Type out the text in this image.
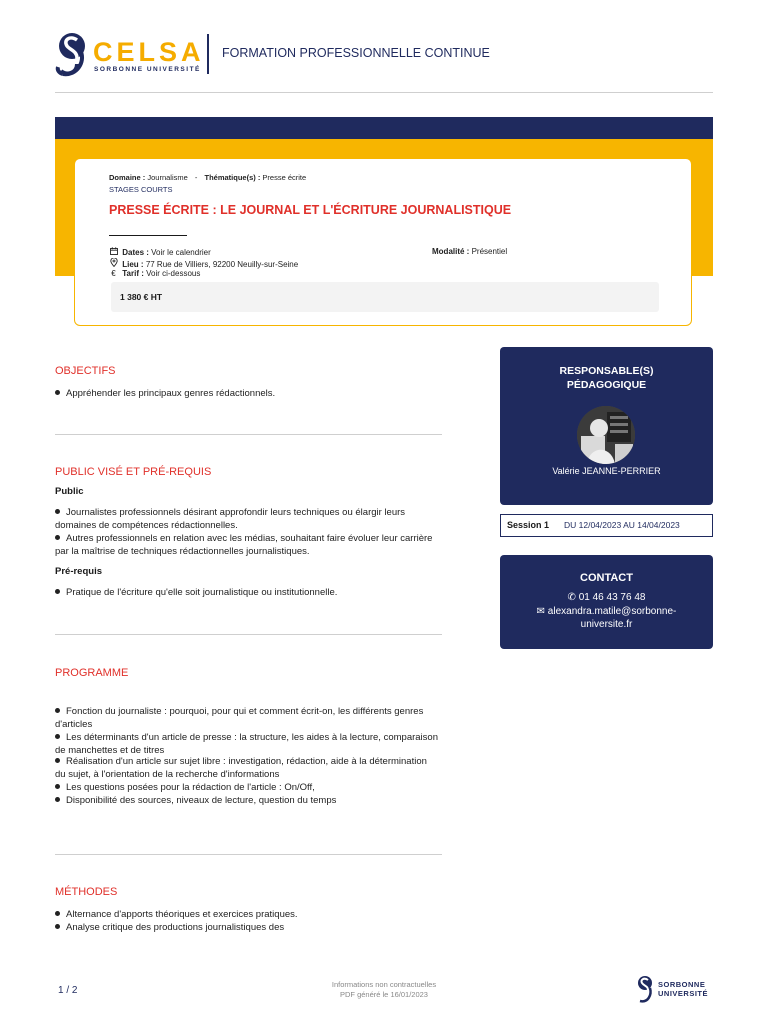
CELSA
SORBONNE UNIVERSITÉ
FORMATION PROFESSIONNELLE CONTINUE
Domaine : Journalisme - Thématique(s) : Presse écrite
STAGES COURTS
PRESSE ÉCRITE : LE JOURNAL ET L'ÉCRITURE JOURNALISTIQUE
Dates : Voir le calendrier
Lieu : 77 Rue de Villiers, 92200 Neuilly-sur-Seine
€ Tarif : Voir ci-dessous
Modalité : Présentiel
1 380 € HT
OBJECTIFS
Appréhender les principaux genres rédactionnels.
PUBLIC VISÉ ET PRÉ-REQUIS
Public
Journalistes professionnels désirant approfondir leurs techniques ou élargir leurs domaines de compétences rédactionnelles.
Autres professionnels en relation avec les médias, souhaitant faire évoluer leur carrière par la maîtrise de techniques rédactionnelles journalistiques.
Pré-requis
Pratique de l'écriture qu'elle soit journalistique ou institutionnelle.
PROGRAMME
Fonction du journaliste : pourquoi, pour qui et comment écrit-on, les différents genres d'articles
Les déterminants d'un article de presse : la structure, les aides à la lecture, comparaison de manchettes et de titres
Réalisation d'un article sur sujet libre : investigation, rédaction, aide à la détermination du sujet, à l'orientation de la recherche d'informations
Les questions posées pour la rédaction de l'article : On/Off,
Disponibilité des sources, niveaux de lecture, question du temps
MÉTHODES
Alternance d'apports théoriques et exercices pratiques.
Analyse critique des productions journalistiques des
RESPONSABLE(S)
PÉDAGOGIQUE
Valérie JEANNE-PERRIER
Session 1 DU 12/04/2023 AU 14/04/2023
CONTACT
✆ 01 46 43 76 48
✉ alexandra.matile@sorbonne-universite.fr
1 / 2
Informations non contractuelles
PDF généré le 16/01/2023
SORBONNE
UNIVERSITÉ
